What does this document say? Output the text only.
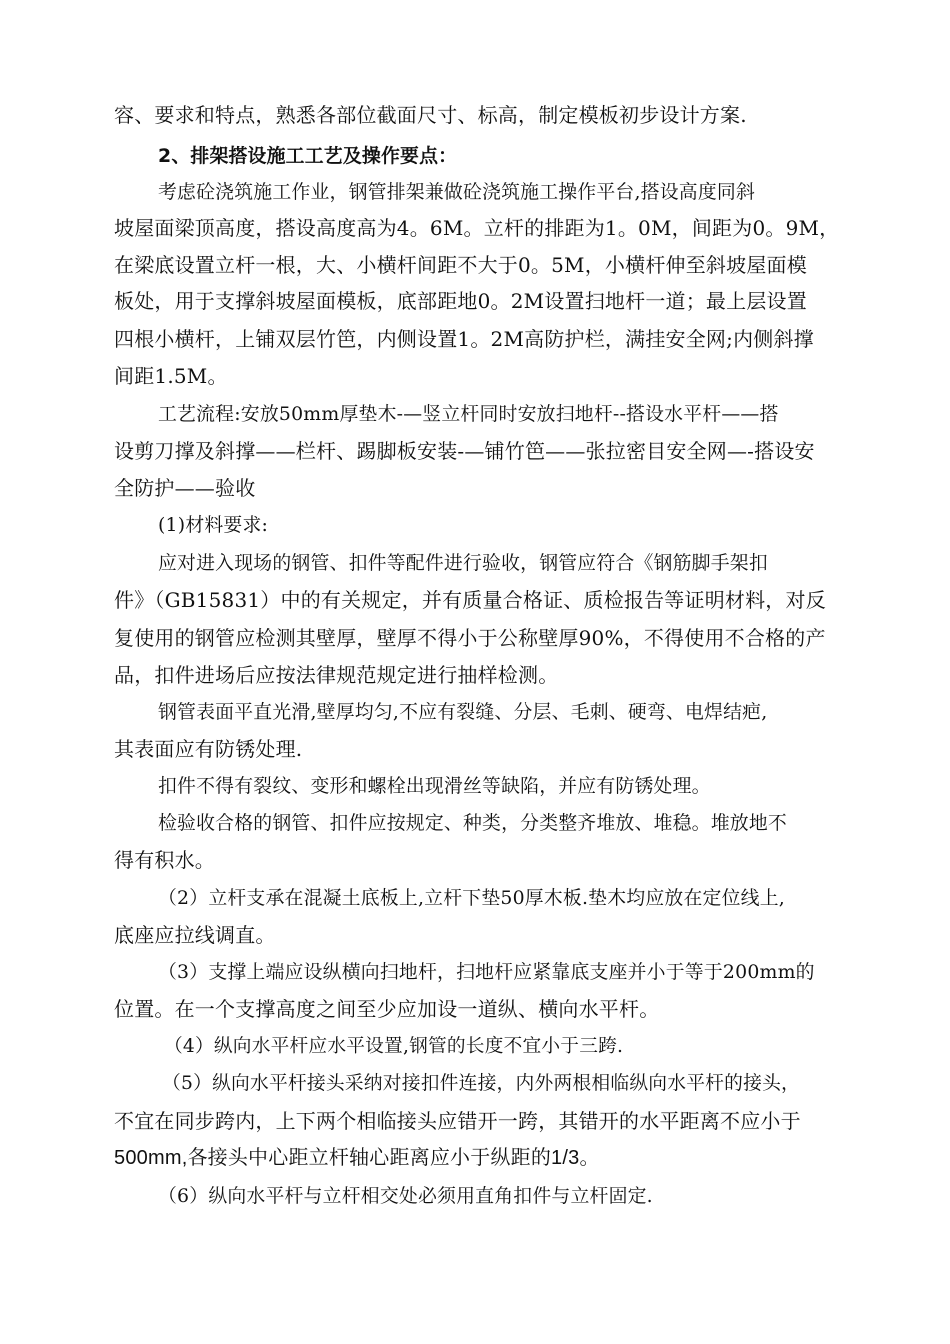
容、要求和特点，熟悉各部位截面尺寸、标高，制定模板初步设计方案.
2、排架搭设施工工艺及操作要点：
考虑砼浇筑施工作业，钢管排架兼做砼浇筑施工操作平台,搭设高度同斜
坡屋面梁顶高度，搭设高度高为4。6M。立杆的排距为1。0M，间距为0。9M，
在梁底设置立杆一根，大、小横杆间距不大于0。5M，小横杆伸至斜坡屋面模
板处，用于支撑斜坡屋面模板，底部距地0。2M设置扫地杆一道；最上层设置
四根小横杆，上铺双层竹笆，内侧设置1。2M高防护栏，满挂安全网;内侧斜撑
间距1.5M。
工艺流程:安放50mm厚垫木-—竖立杆同时安放扫地杆--搭设水平杆——搭
设剪刀撑及斜撑——栏杆、踢脚板安装-—铺竹笆——张拉密目安全网—-搭设安
全防护——验收
(1)材料要求:
应对进入现场的钢管、扣件等配件进行验收，钢管应符合《钢筋脚手架扣
件》（GB15831）中的有关规定，并有质量合格证、质检报告等证明材料，对反
复使用的钢管应检测其壁厚，壁厚不得小于公称壁厚90%，不得使用不合格的产
品，扣件进场后应按法律规范规定进行抽样检测。
钢管表面平直光滑,壁厚均匀,不应有裂缝、分层、毛刺、硬弯、电焊结疤,
其表面应有防锈处理.
扣件不得有裂纹、变形和螺栓出现滑丝等缺陷，并应有防锈处理。
检验收合格的钢管、扣件应按规定、种类，分类整齐堆放、堆稳。堆放地不
得有积水。
（2）立杆支承在混凝土底板上,立杆下垫50厚木板.垫木均应放在定位线上,
底座应拉线调直。
（3）支撑上端应设纵横向扫地杆，扫地杆应紧靠底支座并小于等于200mm的
位置。在一个支撑高度之间至少应加设一道纵、横向水平杆。
（4）纵向水平杆应水平设置,钢管的长度不宜小于三跨.
（5）纵向水平杆接头采纳对接扣件连接，内外两根相临纵向水平杆的接头，
不宜在同步跨内，上下两个相临接头应错开一跨，其错开的水平距离不应小于
500mm,各接头中心距立杆轴心距离应小于纵距的1/3。
（6）纵向水平杆与立杆相交处必须用直角扣件与立杆固定.
